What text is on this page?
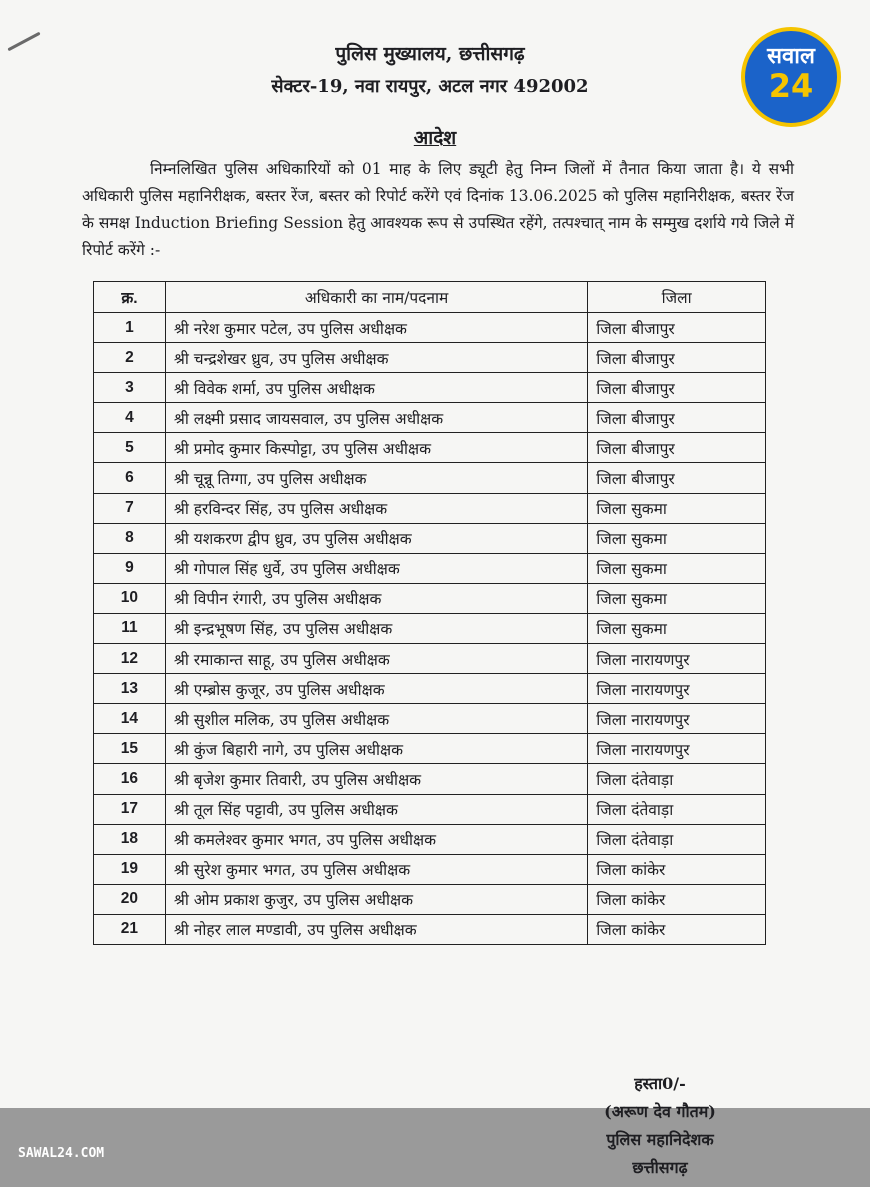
पुलिस मुख्यालय, छत्तीसगढ़
सेक्टर-19, नवा रायपुर, अटल नगर 492002
सवाल
24
आदेश
निम्नलिखित पुलिस अधिकारियों को 01 माह के लिए ड्यूटी हेतु निम्न जिलों में तैनात किया जाता है। ये सभी अधिकारी पुलिस महानिरीक्षक, बस्तर रेंज, बस्तर को रिपोर्ट करेंगे एवं दिनांक 13.06.2025 को पुलिस महानिरीक्षक, बस्तर रेंज के समक्ष Induction Briefing Session हेतु आवश्यक रूप से उपस्थित रहेंगे, तत्पश्चात् नाम के सम्मुख दर्शाये गये जिले में रिपोर्ट करेंगे :-
क्र.	अधिकारी का नाम/पदनाम	जिला
1	श्री नरेश कुमार पटेल, उप पुलिस अधीक्षक	जिला बीजापुर
2	श्री चन्द्रशेखर ध्रुव, उप पुलिस अधीक्षक	जिला बीजापुर
3	श्री विवेक शर्मा, उप पुलिस अधीक्षक	जिला बीजापुर
4	श्री लक्ष्मी प्रसाद जायसवाल, उप पुलिस अधीक्षक	जिला बीजापुर
5	श्री प्रमोद कुमार किस्पोट्टा, उप पुलिस अधीक्षक	जिला बीजापुर
6	श्री चून्नू तिग्गा, उप पुलिस अधीक्षक	जिला बीजापुर
7	श्री हरविन्दर सिंह, उप पुलिस अधीक्षक	जिला सुकमा
8	श्री यशकरण द्वीप ध्रुव, उप पुलिस अधीक्षक	जिला सुकमा
9	श्री गोपाल सिंह धुर्वे, उप पुलिस अधीक्षक	जिला सुकमा
10	श्री विपीन रंगारी, उप पुलिस अधीक्षक	जिला सुकमा
11	श्री इन्द्रभूषण सिंह, उप पुलिस अधीक्षक	जिला सुकमा
12	श्री रमाकान्त साहू, उप पुलिस अधीक्षक	जिला नारायणपुर
13	श्री एम्ब्रोस कुजूर, उप पुलिस अधीक्षक	जिला नारायणपुर
14	श्री सुशील मलिक, उप पुलिस अधीक्षक	जिला नारायणपुर
15	श्री कुंज बिहारी नागे, उप पुलिस अधीक्षक	जिला नारायणपुर
16	श्री बृजेश कुमार तिवारी, उप पुलिस अधीक्षक	जिला दंतेवाड़ा
17	श्री तूल सिंह पट्टावी, उप पुलिस अधीक्षक	जिला दंतेवाड़ा
18	श्री कमलेश्वर कुमार भगत, उप पुलिस अधीक्षक	जिला दंतेवाड़ा
19	श्री सुरेश कुमार भगत, उप पुलिस अधीक्षक	जिला कांकेर
20	श्री ओम प्रकाश कुजुर, उप पुलिस अधीक्षक	जिला कांकेर
21	श्री नोहर लाल मण्डावी, उप पुलिस अधीक्षक	जिला कांकेर
हस्ता0/-
(अरूण देव गौतम)
पुलिस महानिदेशक
छत्तीसगढ़
SAWAL24.COM
